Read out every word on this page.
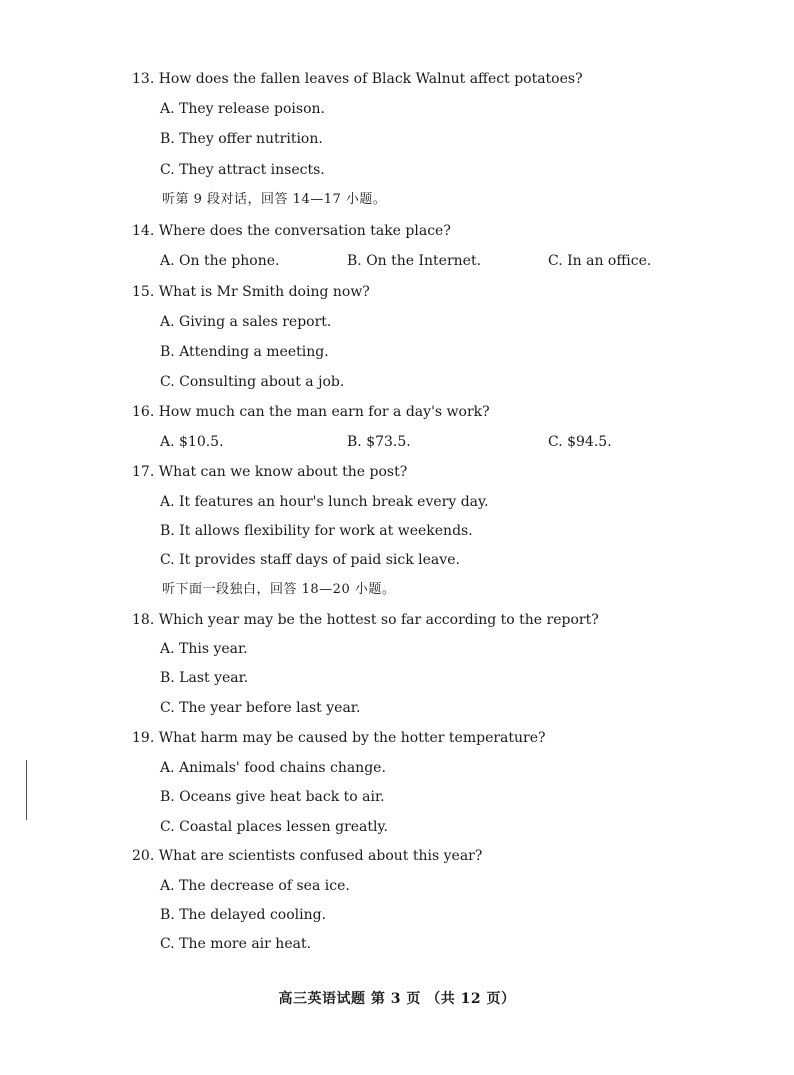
13. How does the fallen leaves of Black Walnut affect potatoes?
A. They release poison.
B. They offer nutrition.
C. They attract insects.
听第 9 段对话，回答 14—17 小题。
14. Where does the conversation take place?
A. On the phone.	B. On the Internet.	C. In an office.
15. What is Mr Smith doing now?
A. Giving a sales report.
B. Attending a meeting.
C. Consulting about a job.
16. How much can the man earn for a day's work?
A. $10.5.	B. $73.5.	C. $94.5.
17. What can we know about the post?
A. It features an hour's lunch break every day.
B. It allows flexibility for work at weekends.
C. It provides staff days of paid sick leave.
听下面一段独白，回答 18—20 小题。
18. Which year may be the hottest so far according to the report?
A. This year.
B. Last year.
C. The year before last year.
19. What harm may be caused by the hotter temperature?
A. Animals' food chains change.
B. Oceans give heat back to air.
C. Coastal places lessen greatly.
20. What are scientists confused about this year?
A. The decrease of sea ice.
B. The delayed cooling.
C. The more air heat.
高三英语试题 第 3 页 （共 12 页）
